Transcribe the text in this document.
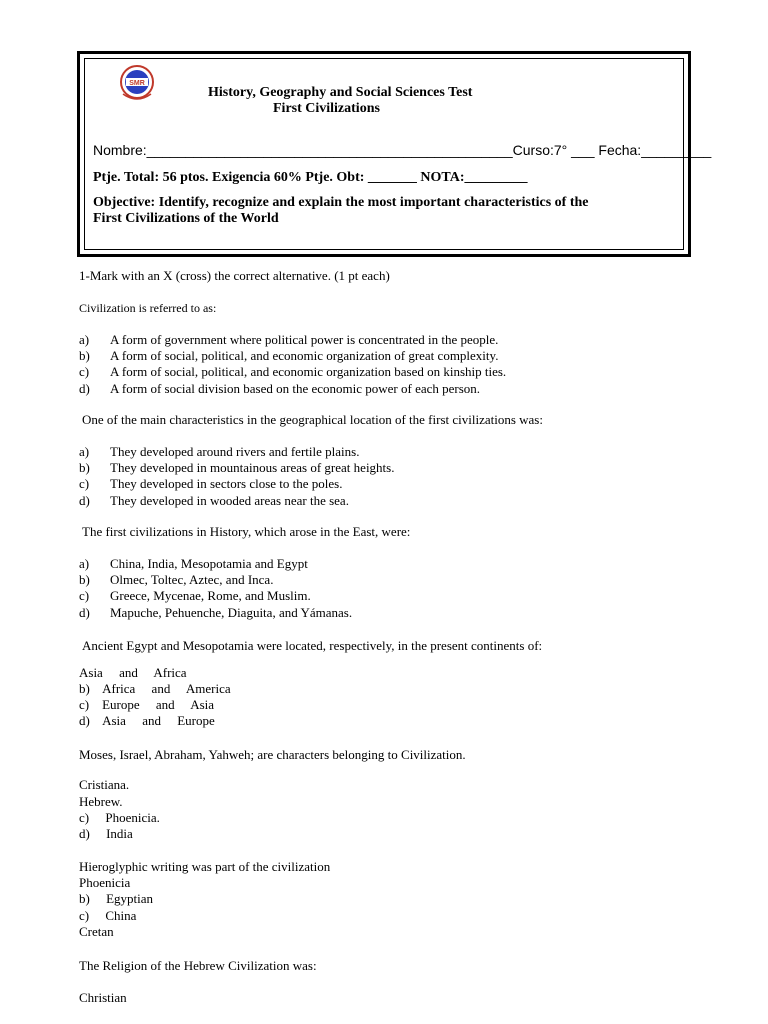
SMR
History, Geography and Social Sciences Test
First Civilizations
Nombre:_______________________________________________Curso:7° ___ Fecha:_________
Ptje. Total: 56 ptos. Exigencia 60% Ptje. Obt: _______ NOTA:_________
Objective: Identify, recognize and explain the most important characteristics of the
First Civilizations of the World
1-Mark with an X (cross) the correct alternative. (1 pt each)
Civilization is referred to as:
a)	A form of government where political power is concentrated in the people.
b)	A form of social, political, and economic organization of great complexity.
c)	A form of social, political, and economic organization based on kinship ties.
d)	A form of social division based on the economic power of each person.
One of the main characteristics in the geographical location of the first civilizations was:
a)	They developed around rivers and fertile plains.
b)	They developed in mountainous areas of great heights.
c)	They developed in sectors close to the poles.
d)	They developed in wooded areas near the sea.
The first civilizations in History, which arose in the East, were:
a)	China, India, Mesopotamia and Egypt
b)	Olmec, Toltec, Aztec, and Inca.
c)	Greece, Mycenae, Rome, and Muslim.
d)	Mapuche, Pehuenche, Diaguita, and Yámanas.
Ancient Egypt and Mesopotamia were located, respectively, in the present continents of:
Asia     and     Africa
b)    Africa     and     America
c)    Europe     and     Asia
d)    Asia     and     Europe
Moses, Israel, Abraham, Yahweh; are characters belonging to Civilization.
Cristiana.
Hebrew.
c)     Phoenicia.
d)     India
Hieroglyphic writing was part of the civilization
Phoenicia
b)     Egyptian
c)     China
Cretan
The Religion of the Hebrew Civilization was:
Christian
